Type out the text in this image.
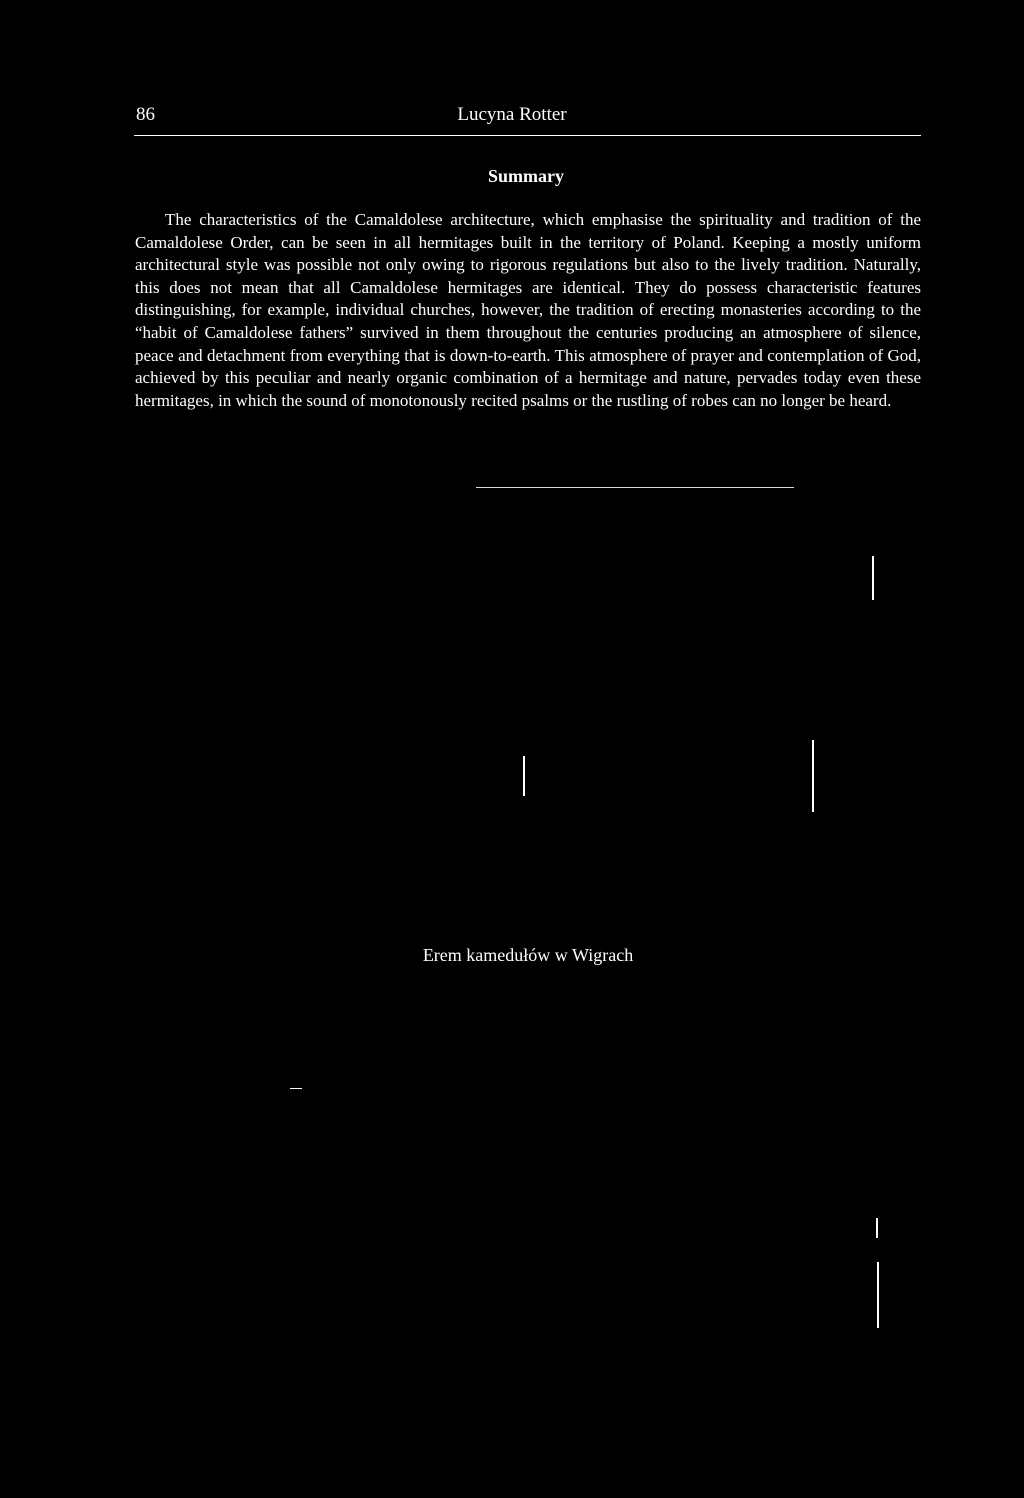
86	Lucyna Rotter
Summary

The characteristics of the Camaldolese architecture, which emphasise the spirituality and tradition of the Camaldolese Order, can be seen in all hermitages built in the territory of Poland. Keeping a mostly uniform architectural style was possible not only owing to rigorous regulations but also to the lively tradition. Naturally, this does not mean that all Camaldolese hermitages are identical. They do possess characteristic features distinguishing, for example, individual churches, however, the tradition of erecting monasteries according to the “habit of Camaldolese fathers” survived in them throughout the centuries producing an atmosphere of silence, peace and detachment from everything that is down-to-earth. This atmosphere of prayer and contemplation of God, achieved by this peculiar and nearly organic combination of a hermitage and nature, pervades today even these hermitages, in which the sound of monotonously recited psalms or the rustling of robes can no longer be heard.

Erem kamedułów w Wigrach
